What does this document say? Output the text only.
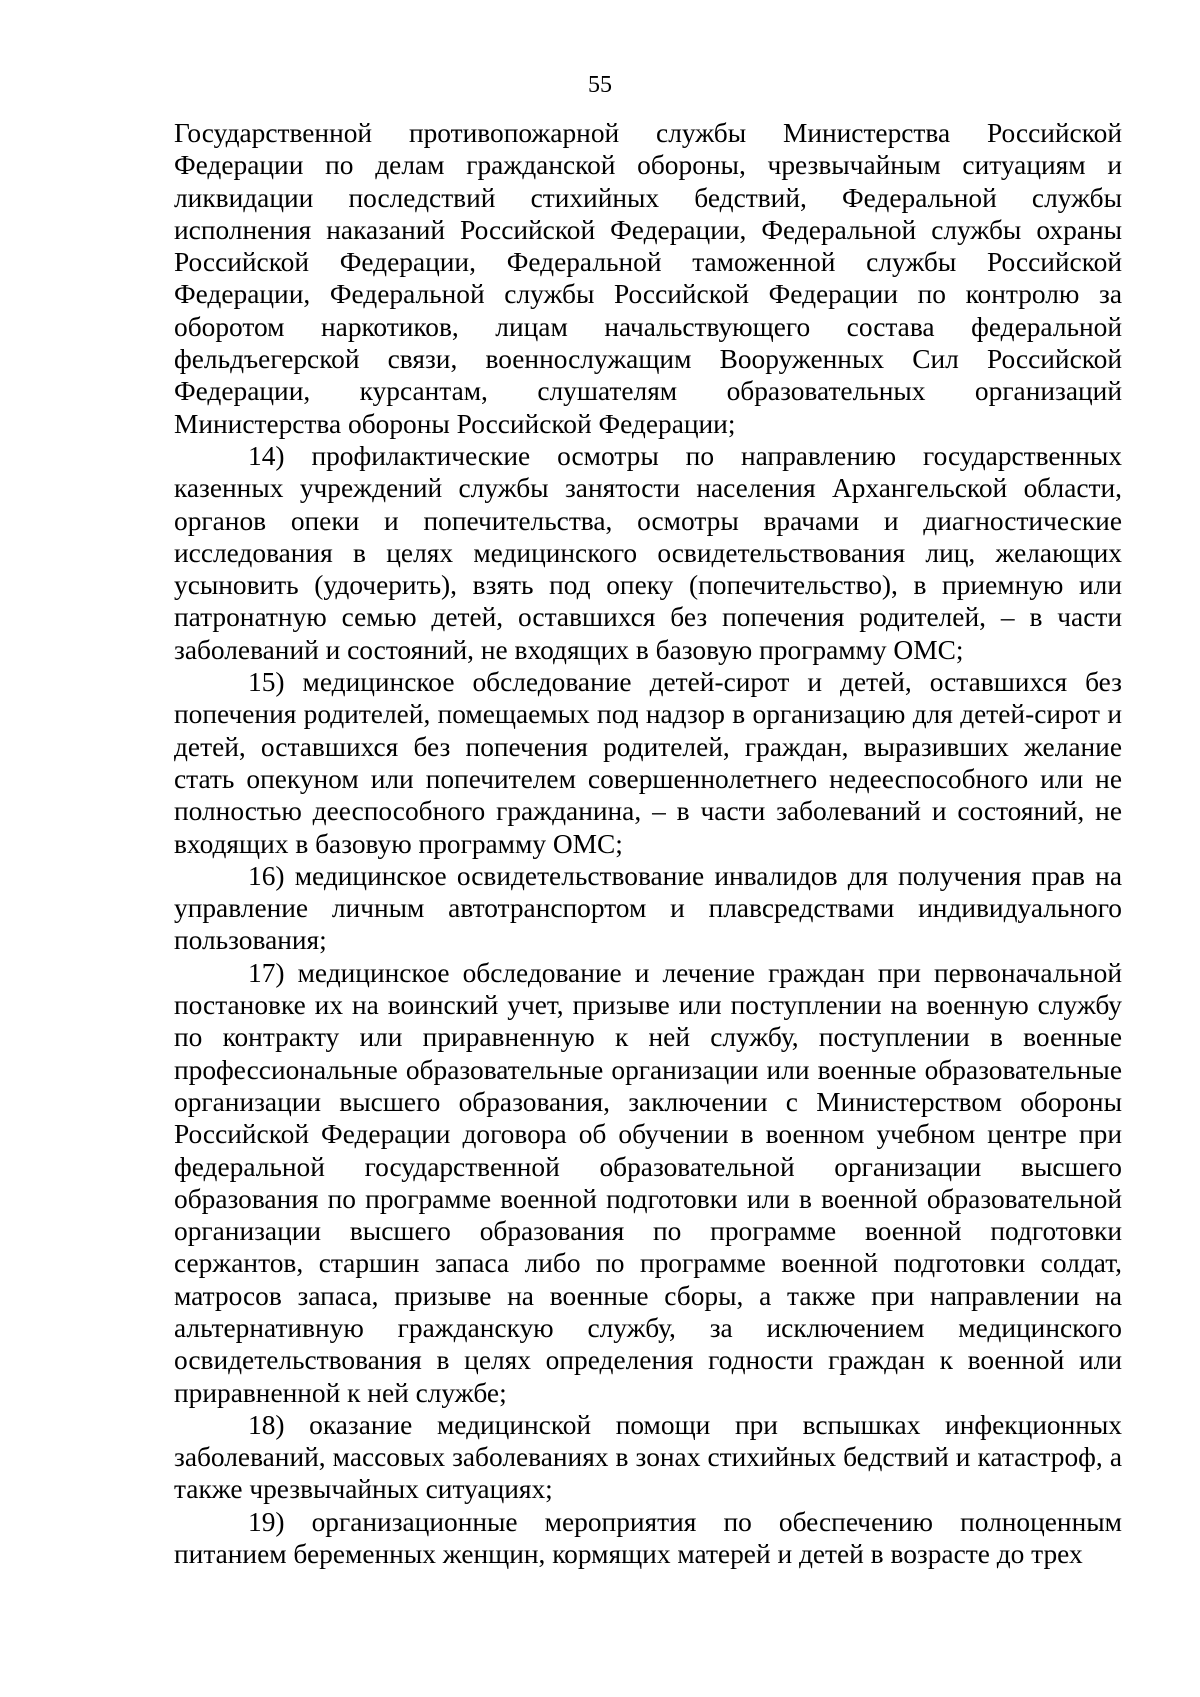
55

Государственной противопожарной службы Министерства Российской Федерации по делам гражданской обороны, чрезвычайным ситуациям и ликвидации последствий стихийных бедствий, Федеральной службы исполнения наказаний Российской Федерации, Федеральной службы охраны Российской Федерации, Федеральной таможенной службы Российской Федерации, Федеральной службы Российской Федерации по контролю за оборотом наркотиков, лицам начальствующего состава федеральной фельдъегерской связи, военнослужащим Вооруженных Сил Российской Федерации, курсантам, слушателям образовательных организаций Министерства обороны Российской Федерации;

14) профилактические осмотры по направлению государственных казенных учреждений службы занятости населения Архангельской области, органов опеки и попечительства, осмотры врачами и диагностические исследования в целях медицинского освидетельствования лиц, желающих усыновить (удочерить), взять под опеку (попечительство), в приемную или патронатную семью детей, оставшихся без попечения родителей, – в части заболеваний и состояний, не входящих в базовую программу ОМС;

15) медицинское обследование детей-сирот и детей, оставшихся без попечения родителей, помещаемых под надзор в организацию для детей-сирот и детей, оставшихся без попечения родителей, граждан, выразивших желание стать опекуном или попечителем совершеннолетнего недееспособного или не полностью дееспособного гражданина, – в части заболеваний и состояний, не входящих в базовую программу ОМС;

16) медицинское освидетельствование инвалидов для получения прав на управление личным автотранспортом и плавсредствами индивидуального пользования;

17) медицинское обследование и лечение граждан при первоначальной постановке их на воинский учет, призыве или поступлении на военную службу по контракту или приравненную к ней службу, поступлении в военные профессиональные образовательные организации или военные образовательные организации высшего образования, заключении с Министерством обороны Российской Федерации договора об обучении в военном учебном центре при федеральной государственной образовательной организации высшего образования по программе военной подготовки или в военной образовательной организации высшего образования по программе военной подготовки сержантов, старшин запаса либо по программе военной подготовки солдат, матросов запаса, призыве на военные сборы, а также при направлении на альтернативную гражданскую службу, за исключением медицинского освидетельствования в целях определения годности граждан к военной или приравненной к ней службе;

18) оказание медицинской помощи при вспышках инфекционных заболеваний, массовых заболеваниях в зонах стихийных бедствий и катастроф, а также чрезвычайных ситуациях;

19) организационные мероприятия по обеспечению полноценным питанием беременных женщин, кормящих матерей и детей в возрасте до трех
